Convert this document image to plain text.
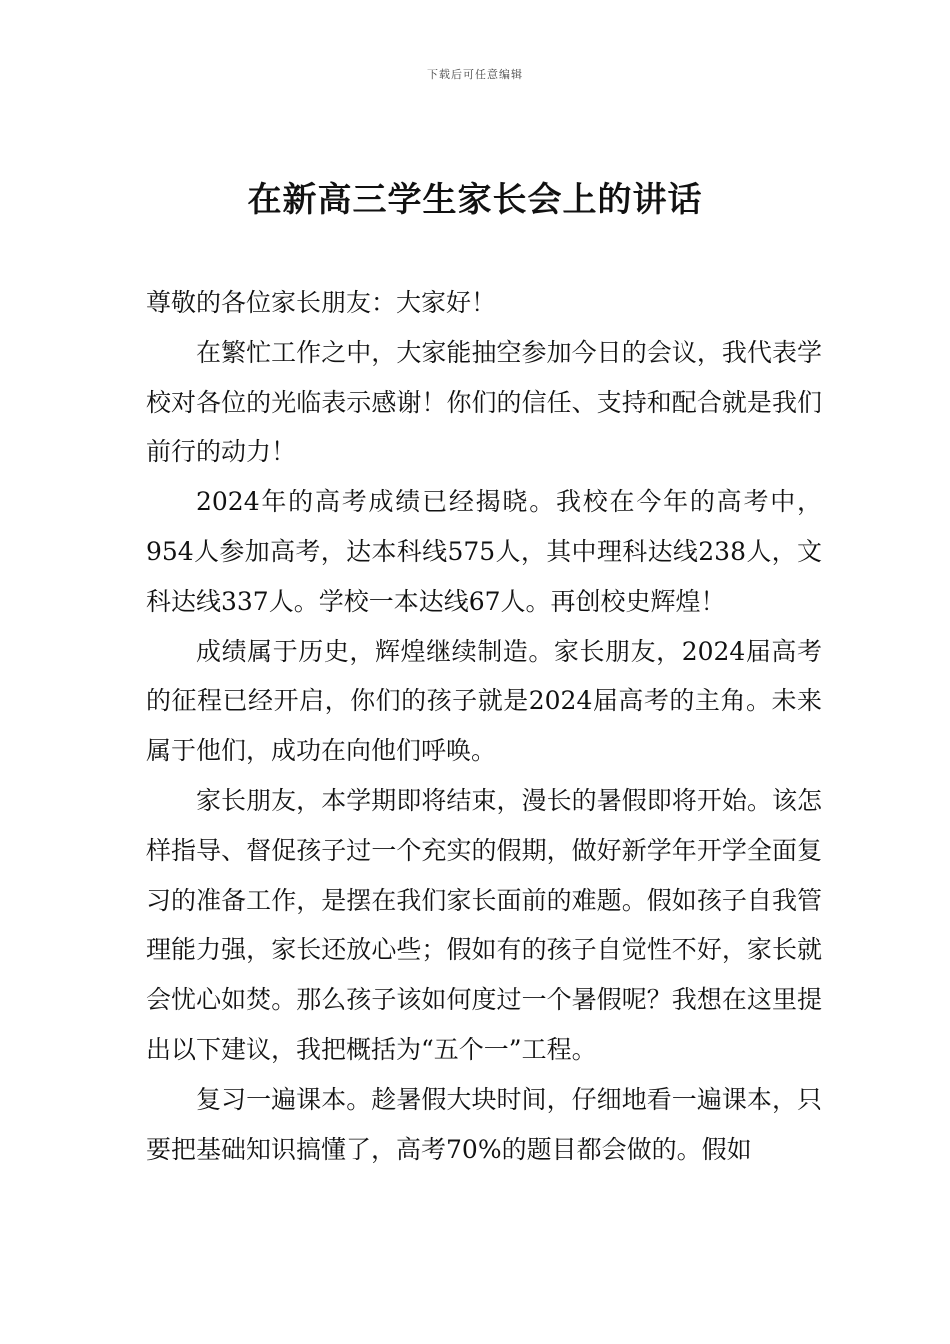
下载后可任意编辑
在新高三学生家长会上的讲话

尊敬的各位家长朋友：大家好！

在繁忙工作之中，大家能抽空参加今日的会议，我代表学校对各位的光临表示感谢！你们的信任、支持和配合就是我们前行的动力！

2024年的高考成绩已经揭晓。我校在今年的高考中，954人参加高考，达本科线575人，其中理科达线238人，文科达线337人。学校一本达线67人。再创校史辉煌！

成绩属于历史，辉煌继续制造。家长朋友，2024届高考的征程已经开启，你们的孩子就是2024届高考的主角。未来属于他们，成功在向他们呼唤。

家长朋友，本学期即将结束，漫长的暑假即将开始。该怎样指导、督促孩子过一个充实的假期，做好新学年开学全面复习的准备工作，是摆在我们家长面前的难题。假如孩子自我管理能力强，家长还放心些；假如有的孩子自觉性不好，家长就会忧心如焚。那么孩子该如何度过一个暑假呢？我想在这里提出以下建议，我把概括为“五个一”工程。

复习一遍课本。趁暑假大块时间，仔细地看一遍课本，只要把基础知识搞懂了，高考70%的题目都会做的。假如
